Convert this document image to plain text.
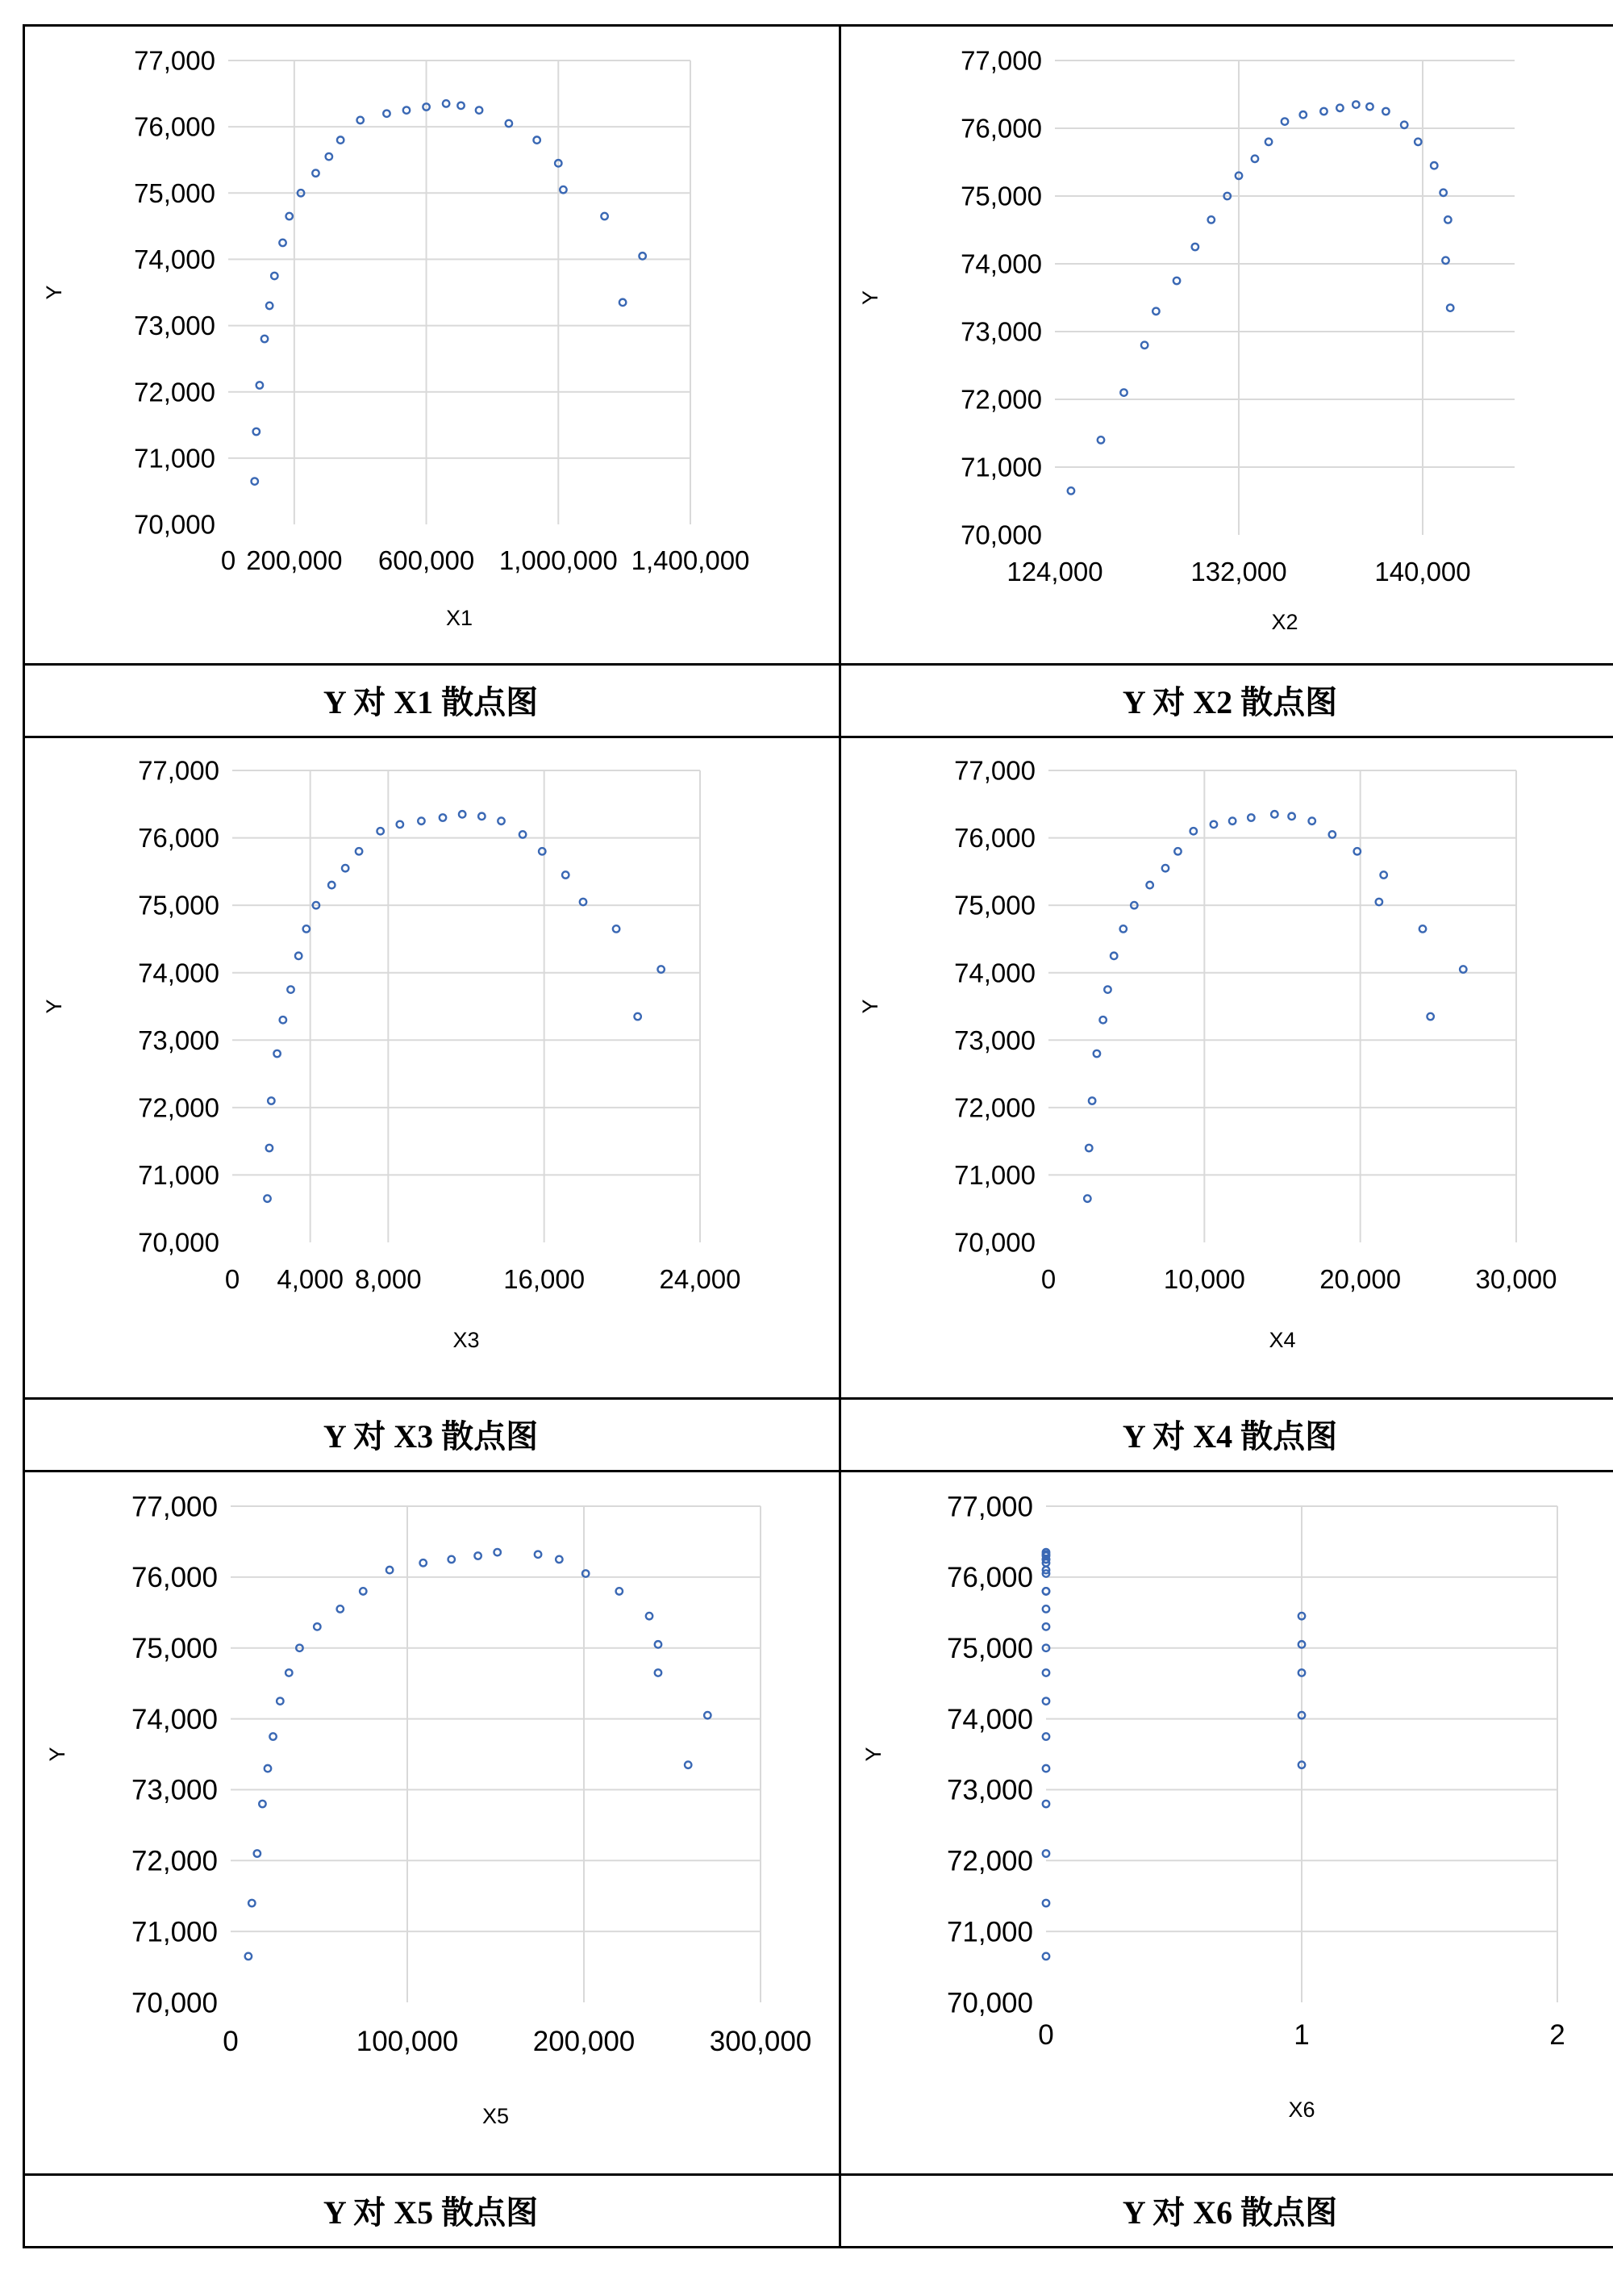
70,000
71,000
72,000
73,000
74,000
75,000
76,000
77,000
0 200,000 600,000 1,000,000 1,400,000
X1
Y
Y 对 X1 散点图
70,000
71,000
72,000
73,000
74,000
75,000
76,000
77,000
124,000	132,000	140,000
X2
Y
Y 对 X2 散点图
70,000
71,000
72,000
73,000
74,000
75,000
76,000
77,000
0 4,000 8,000	16,000	24,000
X3
Y
Y 对 X3 散点图
70,000
71,000
72,000
73,000
74,000
75,000
76,000
77,000
0	10,000	20,000	30,000
X4
Y
Y 对 X4 散点图
70,000
71,000
72,000
73,000
74,000
75,000
76,000
77,000
0	100,000	200,000	300,000
X5
Y
Y 对 X5 散点图
70,000
71,000
72,000
73,000
74,000
75,000
76,000
77,000
0	1	2
X6
Y
Y 对 X6 散点图
